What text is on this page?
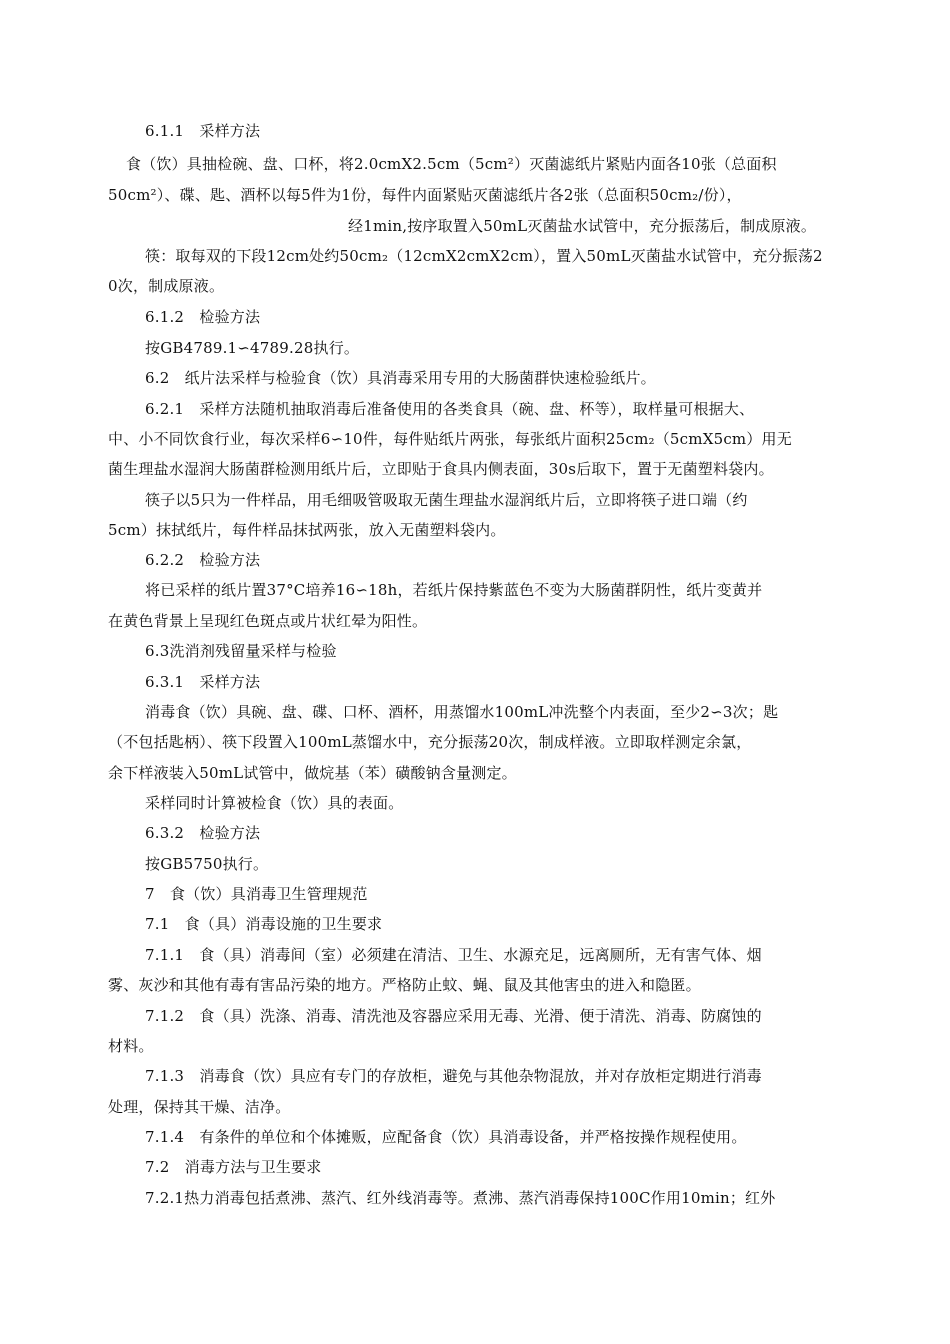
6.1.1　采样方法
食（饮）具抽检碗、盘、口杯，将2.0cmX2.5cm（5cm²）灭菌滤纸片紧贴内面各10张（总面积
50cm²）、碟、匙、酒杯以每5件为1份，每件内面紧贴灭菌滤纸片各2张（总面积50cm₂/份），
经1min,按序取置入50mL灭菌盐水试管中，充分振荡后，制成原液。
筷：取每双的下段12cm处约50cm₂（12cmX2cmX2cm），置入50mL灭菌盐水试管中，充分振荡2
0次，制成原液。
6.1.2　检验方法
按GB4789.1∽4789.28执行。
6.2　纸片法采样与检验食（饮）具消毒采用专用的大肠菌群快速检验纸片。
6.2.1　采样方法随机抽取消毒后准备使用的各类食具（碗、盘、杯等），取样量可根据大、
中、小不同饮食行业，每次采样6∽10件，每件贴纸片两张，每张纸片面积25cm₂（5cmX5cm）用无
菌生理盐水湿润大肠菌群检测用纸片后，立即贴于食具内侧表面，30s后取下，置于无菌塑料袋内。
筷子以5只为一件样品，用毛细吸管吸取无菌生理盐水湿润纸片后，立即将筷子进口端（约
5cm）抹拭纸片，每件样品抹拭两张，放入无菌塑料袋内。
6.2.2　检验方法
将已采样的纸片置37°C培养16∽18h，若纸片保持紫蓝色不变为大肠菌群阴性，纸片变黄并
在黄色背景上呈现红色斑点或片状红晕为阳性。
6.3洗消剂残留量采样与检验
6.3.1　采样方法
消毒食（饮）具碗、盘、碟、口杯、酒杯，用蒸馏水100mL冲洗整个内表面，至少2∽3次；匙
（不包括匙柄）、筷下段置入100mL蒸馏水中，充分振荡20次，制成样液。立即取样测定余氯，
余下样液装入50mL试管中，做烷基（苯）磺酸钠含量测定。
采样同时计算被检食（饮）具的表面。
6.3.2　检验方法
按GB5750执行。
7　食（饮）具消毒卫生管理规范
7.1　食（具）消毒设施的卫生要求
7.1.1　食（具）消毒间（室）必须建在清洁、卫生、水源充足，远离厕所，无有害气体、烟
雾、灰沙和其他有毒有害品污染的地方。严格防止蚊、蝇、鼠及其他害虫的进入和隐匿。
7.1.2　食（具）洗涤、消毒、清洗池及容器应采用无毒、光滑、便于清洗、消毒、防腐蚀的
材料。
7.1.3　消毒食（饮）具应有专门的存放柜，避免与其他杂物混放，并对存放柜定期进行消毒
处理，保持其干燥、洁净。
7.1.4　有条件的单位和个体摊贩，应配备食（饮）具消毒设备，并严格按操作规程使用。
7.2　消毒方法与卫生要求
7.2.1热力消毒包括煮沸、蒸汽、红外线消毒等。煮沸、蒸汽消毒保持100C作用10min；红外
